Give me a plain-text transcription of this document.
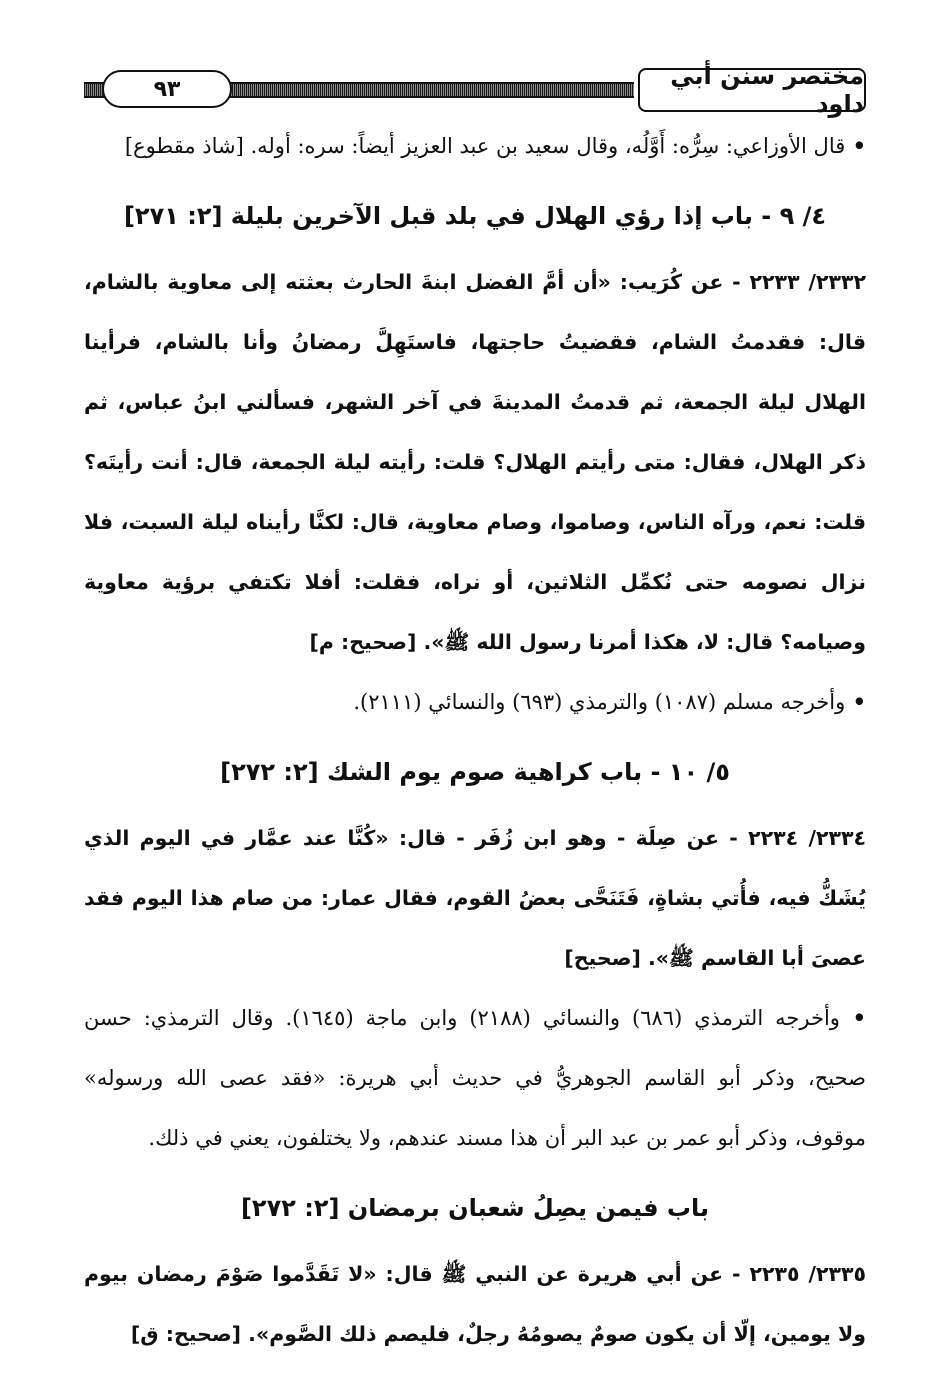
٩٣	مختصر سنن أبي داود

• قال الأوزاعي: سِرُّه: أَوَّلُه، وقال سعيد بن عبد العزيز أيضاً: سره: أوله. [شاذ مقطوع]

٤/ ٩ - باب إذا رؤي الهلال في بلد قبل الآخرين بليلة [٢: ٢٧١]

٢٣٣٢/ ٢٢٣٣ - عن كُرَيب: «أن أمَّ الفضل ابنةَ الحارث بعثته إلى معاوية بالشام، قال: فقدمتُ الشام، فقضيتُ حاجتها، فاستَهِلَّ رمضانُ وأنا بالشام، فرأينا الهلال ليلة الجمعة، ثم قدمتُ المدينةَ في آخر الشهر، فسألني ابنُ عباس، ثم ذكر الهلال، فقال: متى رأيتم الهلال؟ قلت: رأيته ليلة الجمعة، قال: أنت رأيتَه؟ قلت: نعم، ورآه الناس، وصاموا، وصام معاوية، قال: لكنَّا رأيناه ليلة السبت، فلا نزال نصومه حتى نُكمِّل الثلاثين، أو نراه، فقلت: أفلا تكتفي برؤية معاوية وصيامه؟ قال: لا، هكذا أمرنا رسول الله ﷺ». [صحيح: م]

• وأخرجه مسلم (١٠٨٧) والترمذي (٦٩٣) والنسائي (٢١١١).

٥/ ١٠ - باب كراهية صوم يوم الشك [٢: ٢٧٢]

٢٣٣٤/ ٢٢٣٤ - عن صِلَة - وهو ابن زُفَر - قال: «كُنَّا عند عمَّار في اليوم الذي يُشَكُّ فيه، فأُتي بشاةٍ، فَتَنَحَّى بعضُ القوم، فقال عمار: من صام هذا اليوم فقد عصىَ أبا القاسم ﷺ». [صحيح]

• وأخرجه الترمذي (٦٨٦) والنسائي (٢١٨٨) وابن ماجة (١٦٤٥). وقال الترمذي: حسن صحيح، وذكر أبو القاسم الجوهريُّ في حديث أبي هريرة: «فقد عصى الله ورسوله» موقوف، وذكر أبو عمر بن عبد البر أن هذا مسند عندهم، ولا يختلفون، يعني في ذلك.

باب فيمن يصِلُ شعبان برمضان [٢: ٢٧٢]

٢٣٣٥/ ٢٢٣٥ - عن أبي هريرة عن النبي ﷺ قال: «لا تَقَدَّموا صَوْمَ رمضان بيوم ولا يومين، إلّا أن يكون صومٌ يصومُهُ رجلٌ، فليصم ذلك الصَّوم». [صحيح: ق]
